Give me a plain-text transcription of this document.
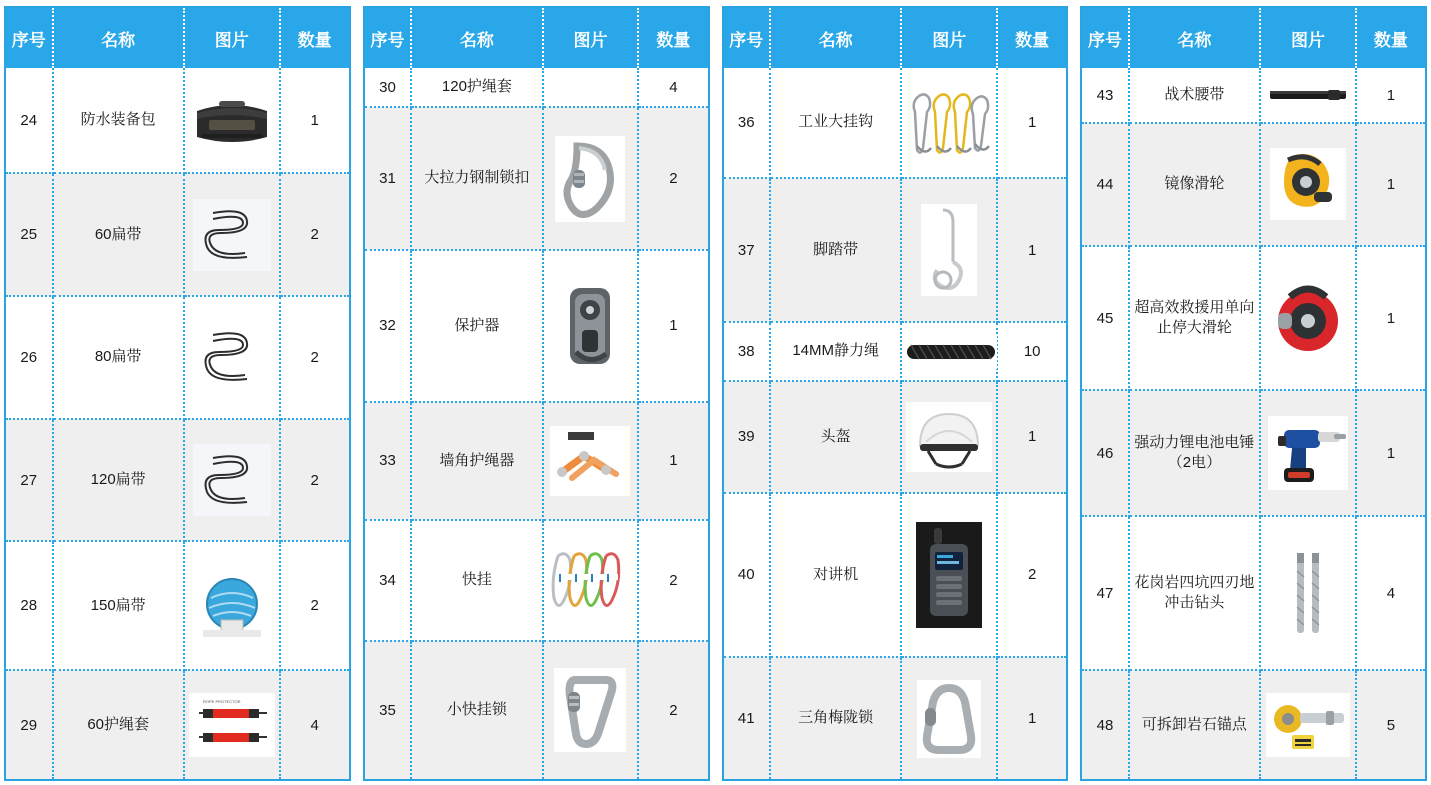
序号	名称	图片	数量
24	防水装备包		1
25	60扁带		2
26	80扁带		2
27	120扁带		2
28	150扁带		2
29	60护绳套	ROPE PROTECTOR	4
序号	名称	图片	数量
30	120护绳套		4
31	大拉力钢制锁扣		2
32	保护器		1
33	墙角护绳器		1
34	快挂		2
35	小快挂锁		2
序号	名称	图片	数量
36	工业大挂钩		1
37	脚踏带		1
38	14MM静力绳		10
39	头盔		1
40	对讲机		2
41	三角梅陇锁		1
序号	名称	图片	数量
43	战术腰带		1
44	镜像滑轮		1
45	超高效救援用单向止停大滑轮		1
46	强动力锂电池电锤（2电）		1
47	花岗岩四坑四刃地冲击钻头		4
48	可拆卸岩石锚点		5
